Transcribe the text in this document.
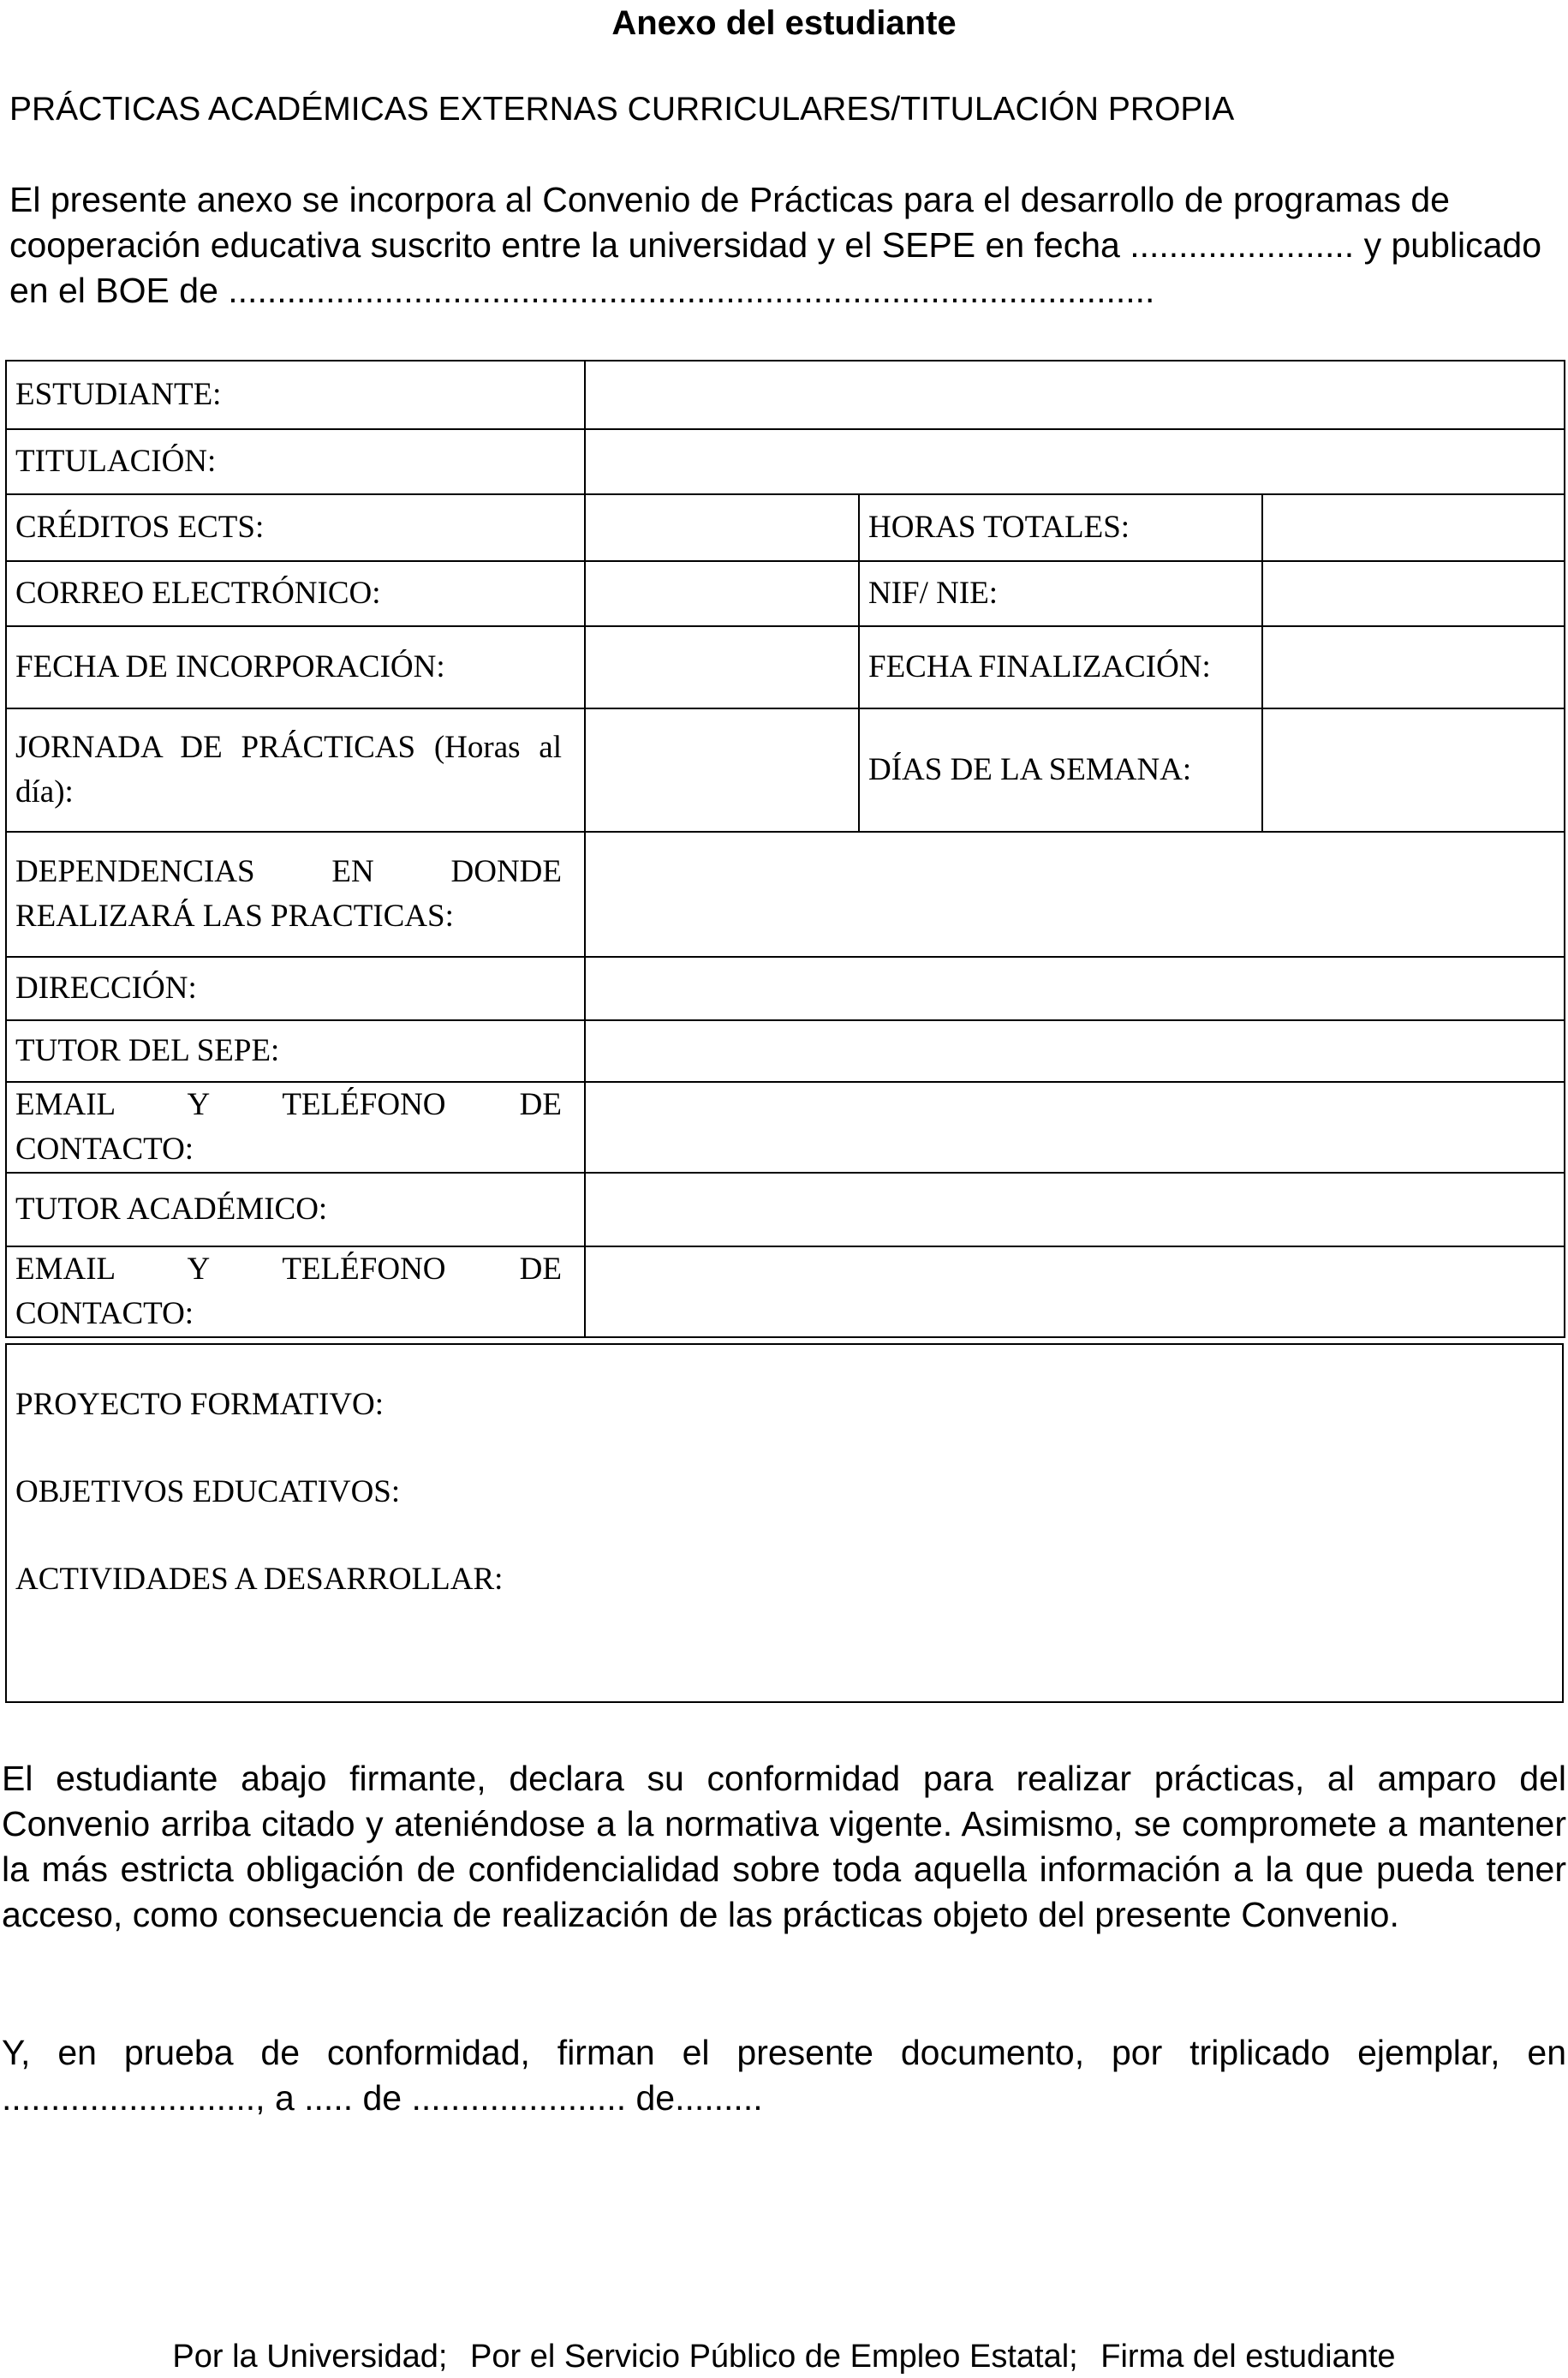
Anexo del estudiante
PRÁCTICAS ACADÉMICAS EXTERNAS CURRICULARES/TITULACIÓN PROPIA
El presente anexo se incorpora al Convenio de Prácticas para el desarrollo de programas de cooperación educativa suscrito entre la universidad y el SEPE en fecha ....................... y publicado en el BOE de ...............................................................................................
ESTUDIANTE:			
TITULACIÓN:			
CRÉDITOS ECTS:		HORAS TOTALES:	
CORREO ELECTRÓNICO:		NIF/ NIE:	
FECHA DE INCORPORACIÓN:		FECHA FINALIZACIÓN:	

JORNADA DE PRÁCTICAS (Horas al
día):		DÍAS DE LA SEMANA:	

DEPENDENCIAS EN DONDE
REALIZARÁ LAS PRACTICAS:			
DIRECCIÓN:			
TUTOR DEL SEPE:			

EMAIL Y TELÉFONO DE
CONTACTO:			
TUTOR ACADÉMICO:			

EMAIL Y TELÉFONO DE
CONTACTO:			
PROYECTO FORMATIVO:
OBJETIVOS EDUCATIVOS:
ACTIVIDADES A DESARROLLAR:
El estudiante abajo firmante, declara su conformidad para realizar prácticas, al amparo del Convenio arriba citado y ateniéndose a la normativa vigente. Asimismo, se compromete a mantener la más estricta obligación de confidencialidad sobre toda aquella información a la que pueda tener acceso, como consecuencia de realización de las prácticas objeto del presente Convenio.
Y, en prueba de conformidad, firman el presente documento, por triplicado ejemplar, en .........................., a ..... de ...................... de.........
Por la Universidad; Por el Servicio Público de Empleo Estatal; Firma del estudiante
